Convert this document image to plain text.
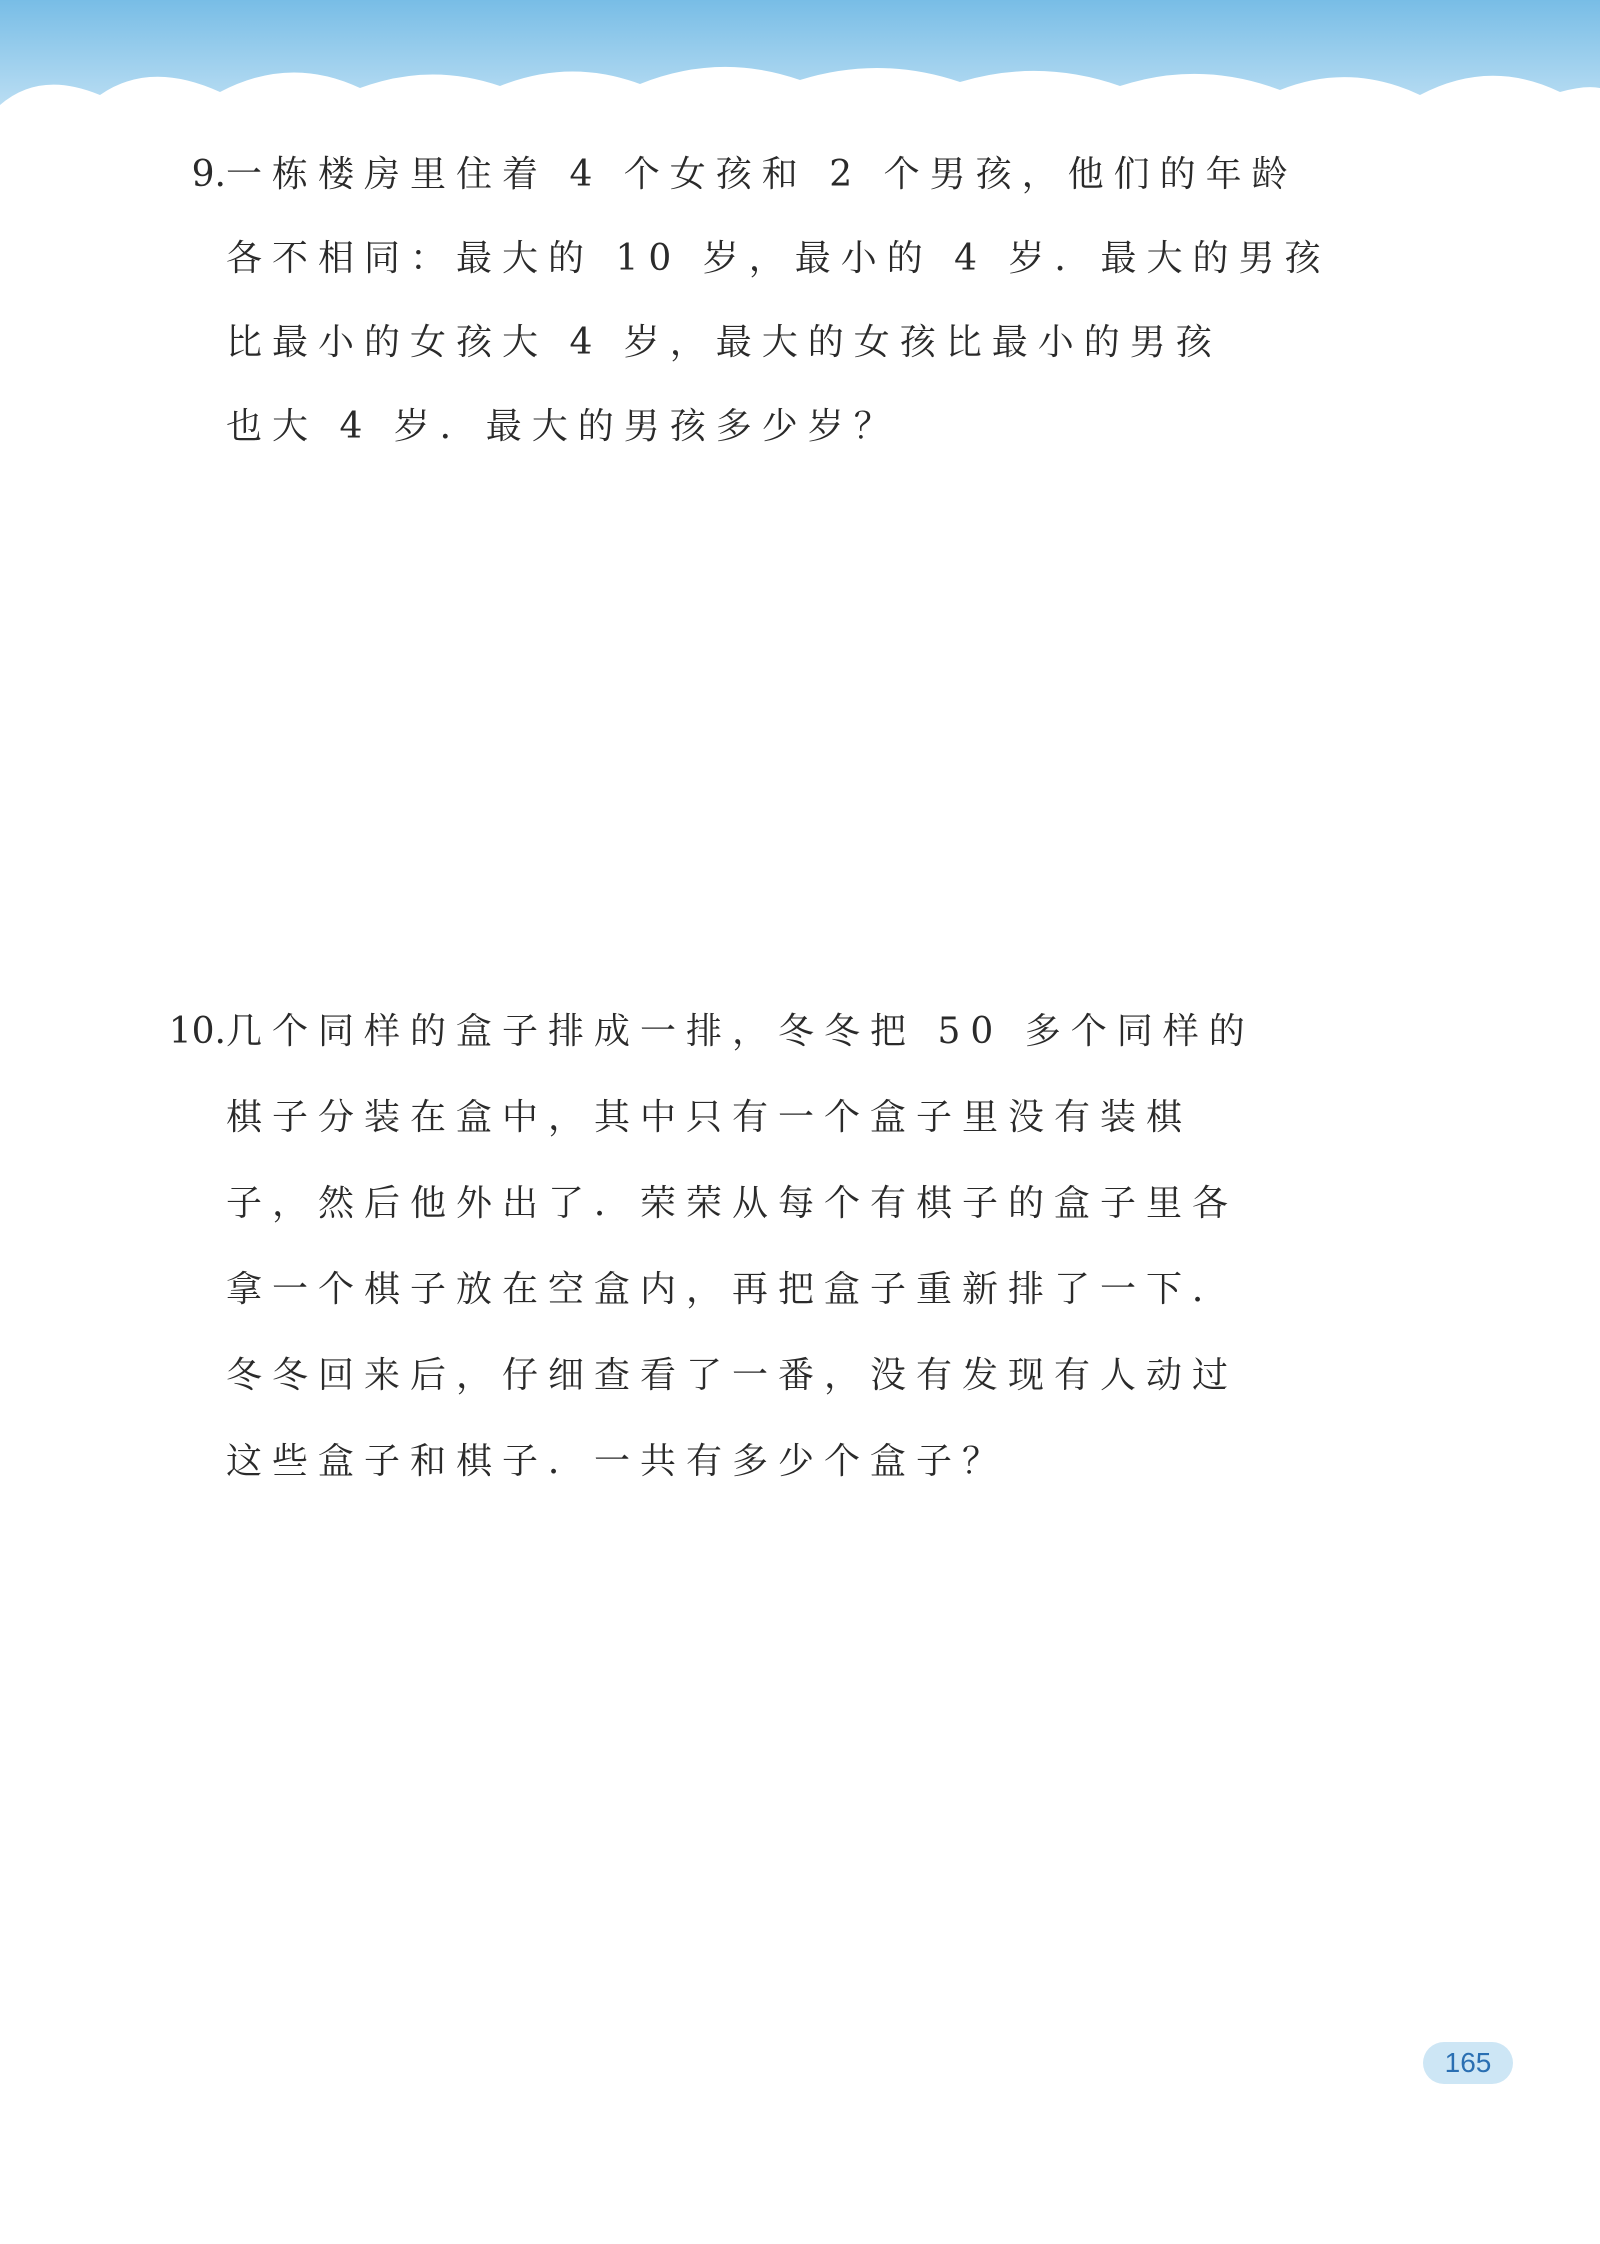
9. 一栋楼房里住着 4 个女孩和 2 个男孩，他们的年龄
各不相同：最大的 10 岁，最小的 4 岁．最大的男孩
比最小的女孩大 4 岁，最大的女孩比最小的男孩
也大 4 岁．最大的男孩多少岁？
10. 几个同样的盒子排成一排，冬冬把 50 多个同样的
棋子分装在盒中，其中只有一个盒子里没有装棋
子，然后他外出了．荣荣从每个有棋子的盒子里各
拿一个棋子放在空盒内，再把盒子重新排了一下．
冬冬回来后，仔细查看了一番，没有发现有人动过
这些盒子和棋子．一共有多少个盒子？
165
